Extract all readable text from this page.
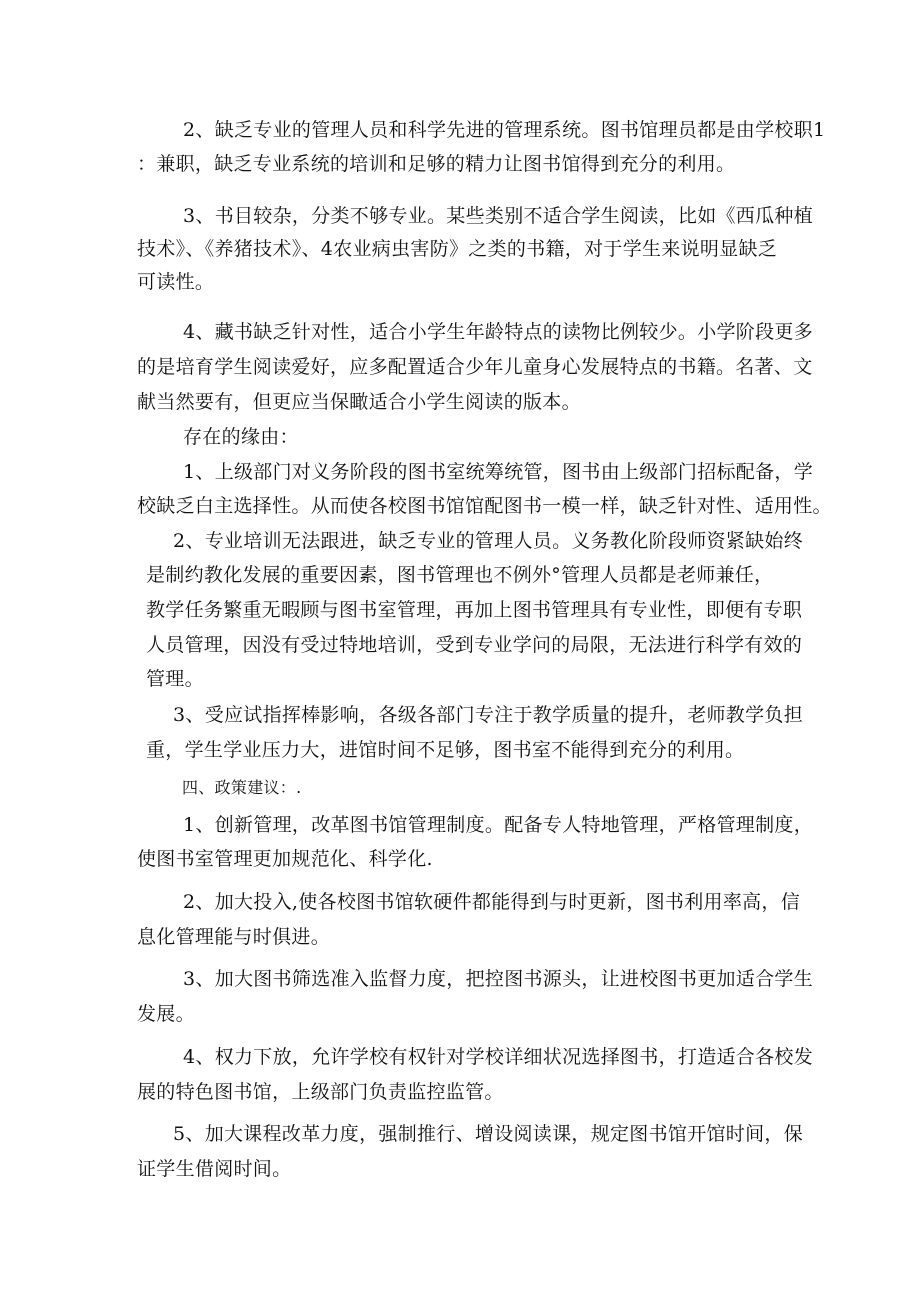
2、缺乏专业的管理人员和科学先进的管理系统。图书馆理员都是由学校职1
：兼职，缺乏专业系统的培训和足够的精力让图书馆得到充分的利用。
3、书目较杂，分类不够专业。某些类别不适合学生阅读，比如《西瓜种植
技术》、《养猪技术》、4农业病虫害防》之类的书籍，对于学生来说明显缺乏
可读性。
4、藏书缺乏针对性，适合小学生年龄特点的读物比例较少。小学阶段更多
的是培育学生阅读爱好，应多配置适合少年儿童身心发展特点的书籍。名著、文
献当然要有，但更应当保瞰适合小学生阅读的版本。
存在的缘由：
1、上级部门对义务阶段的图书室统筹统管，图书由上级部门招标配备，学
校缺乏白主选择性。从而使各校图书馆馆配图书一模一样，缺乏针对性、适用性。
2、专业培训无法跟进，缺乏专业的管理人员。义务教化阶段师资紧缺始终
是制约教化发展的重要因素，图书管理也不例外°管理人员都是老师兼任，
教学任务繁重无暇顾与图书室管理，再加上图书管理具有专业性，即便有专职
人员管理，因没有受过特地培训，受到专业学问的局限，无法进行科学有效的
管理。
3、受应试指挥棒影响，各级各部门专注于教学质量的提升，老师教学负担
重，学生学业压力大，进馆时间不足够，图书室不能得到充分的利用。
四、政策建议：.
1、创新管理，改革图书馆管理制度。配备专人特地管理，严格管理制度，
使图书室管理更加规范化、科学化.
2、加大投入,使各校图书馆软硬件都能得到与时更新，图书利用率高，信
息化管理能与时俱进。
3、加大图书筛选准入监督力度，把控图书源头，让进校图书更加适合学生
发展。
4、权力下放，允许学校有权针对学校详细状况选择图书，打造适合各校发
展的特色图书馆，上级部门负责监控监管。
5、加大课程改革力度，强制推行、增设阅读课，规定图书馆开馆时间，保
证学生借阅时间。
